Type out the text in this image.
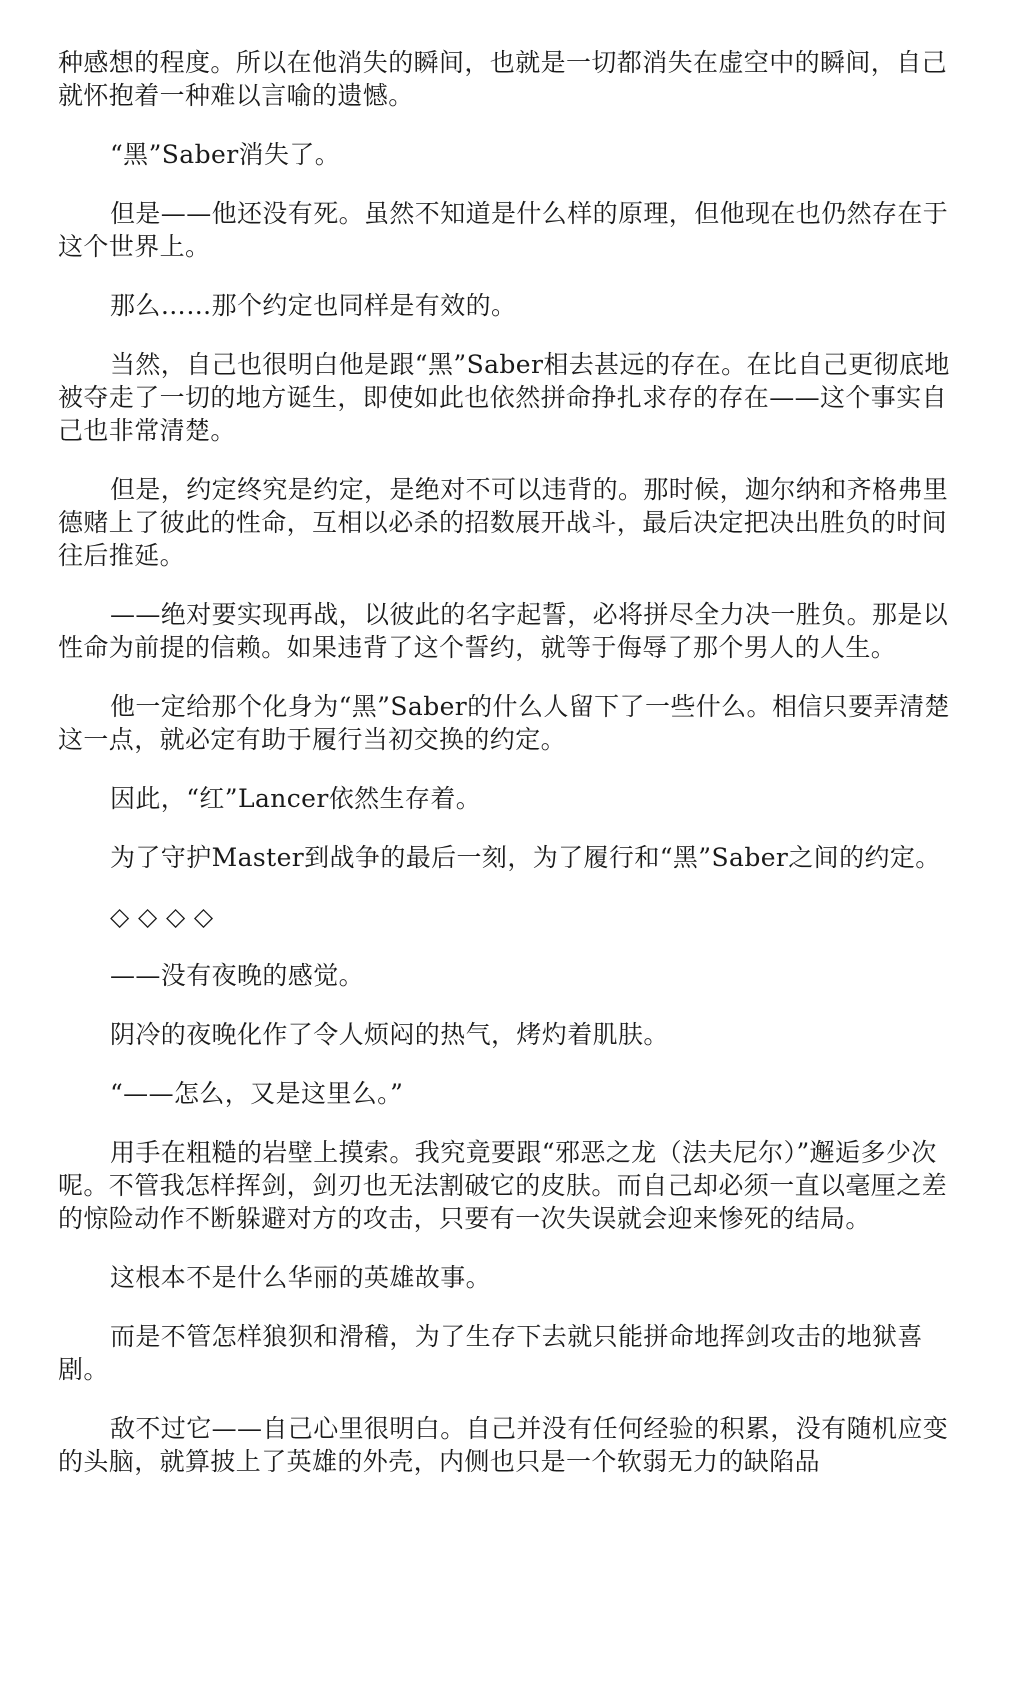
种感想的程度。所以在他消失的瞬间，也就是一切都消失在虚空中的瞬间，自己就怀抱着一种难以言喻的遗憾。

“黑”Saber消失了。

但是——他还没有死。虽然不知道是什么样的原理，但他现在也仍然存在于这个世界上。

那么……那个约定也同样是有效的。

当然，自己也很明白他是跟“黑”Saber相去甚远的存在。在比自己更彻底地被夺走了一切的地方诞生，即使如此也依然拼命挣扎求存的存在——这个事实自己也非常清楚。

但是，约定终究是约定，是绝对不可以违背的。那时候，迦尔纳和齐格弗里德赌上了彼此的性命，互相以必杀的招数展开战斗，最后决定把决出胜负的时间往后推延。

——绝对要实现再战，以彼此的名字起誓，必将拼尽全力决一胜负。那是以性命为前提的信赖。如果违背了这个誓约，就等于侮辱了那个男人的人生。

他一定给那个化身为“黑”Saber的什么人留下了一些什么。相信只要弄清楚这一点，就必定有助于履行当初交换的约定。

因此，“红”Lancer依然生存着。

为了守护Master到战争的最后一刻，为了履行和“黑”Saber之间的约定。

◇ ◇ ◇ ◇

——没有夜晚的感觉。

阴冷的夜晚化作了令人烦闷的热气，烤灼着肌肤。

“——怎么，又是这里么。”

用手在粗糙的岩壁上摸索。我究竟要跟“邪恶之龙（法夫尼尔）”邂逅多少次呢。不管我怎样挥剑，剑刃也无法割破它的皮肤。而自己却必须一直以毫厘之差的惊险动作不断躲避对方的攻击，只要有一次失误就会迎来惨死的结局。

这根本不是什么华丽的英雄故事。

而是不管怎样狼狈和滑稽，为了生存下去就只能拼命地挥剑攻击的地狱喜剧。

敌不过它——自己心里很明白。自己并没有任何经验的积累，没有随机应变的头脑，就算披上了英雄的外壳，内侧也只是一个软弱无力的缺陷品
